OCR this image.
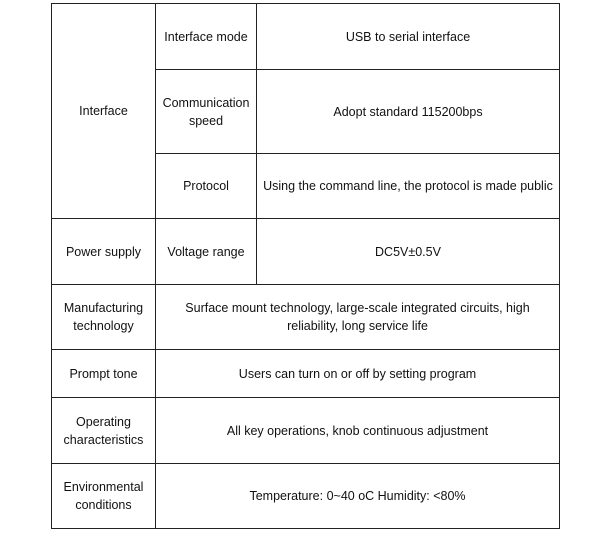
Interface	Interface mode	USB to serial interface
	Communication speed	Adopt standard 115200bps
	Protocol	Using the command line, the protocol is made public
Power supply	Voltage range	DC5V±0.5V
Manufacturing technology	Surface mount technology, large-scale integrated circuits, high reliability, long service life	
Prompt tone	Users can turn on or off by setting program	
Operating characteristics	All key operations, knob continuous adjustment	
Environmental conditions	Temperature: 0~40 oC Humidity: <80%	
